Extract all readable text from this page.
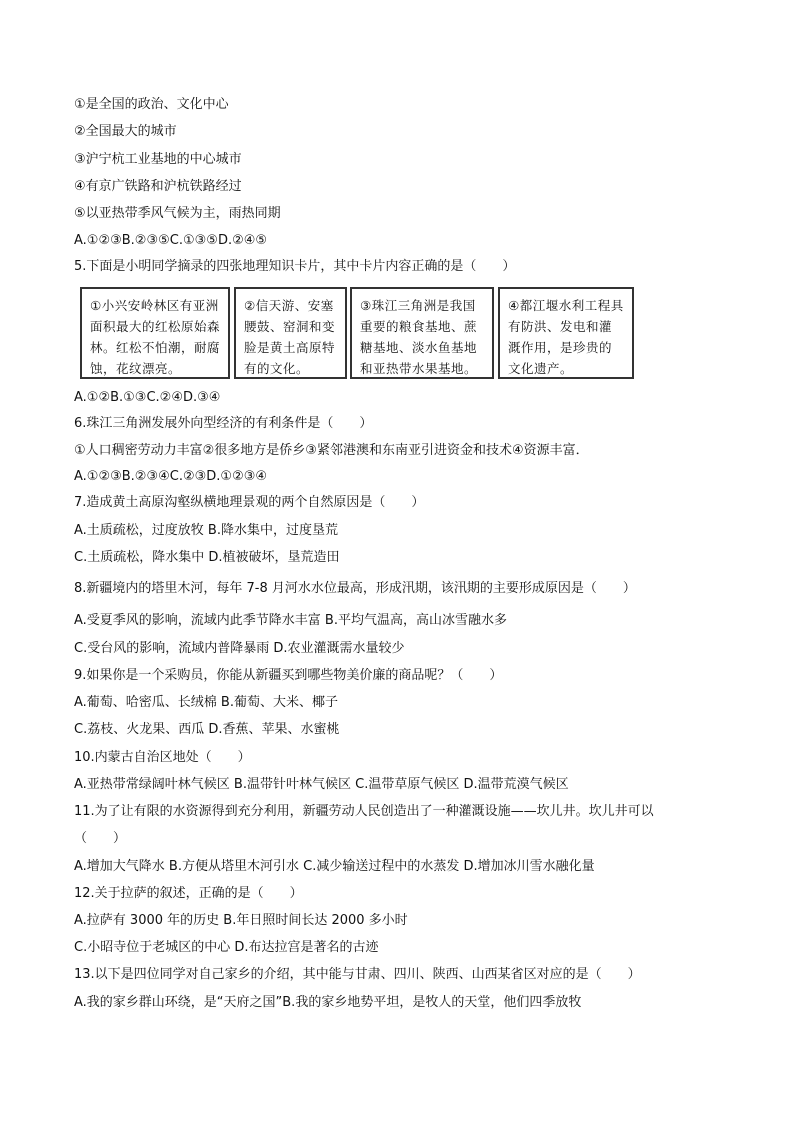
①是全国的政治、文化中心
②全国最大的城市
③沪宁杭工业基地的中心城市
④有京广铁路和沪杭铁路经过
⑤以亚热带季风气候为主，雨热同期
A.①②③B.②③⑤C.①③⑤D.②④⑤
5.下面是小明同学摘录的四张地理知识卡片，其中卡片内容正确的是（　　）
①小兴安岭林区有亚洲面积最大的红松原始森林。红松不怕潮，耐腐蚀，花纹漂亮。
②信天游、安塞腰鼓、窑洞和变脸是黄土高原特有的文化。
③珠江三角洲是我国重要的粮食基地、蔗糖基地、淡水鱼基地和亚热带水果基地。
④都江堰水利工程具有防洪、发电和灌溉作用，是珍贵的文化遗产。
A.①②B.①③C.②④D.③④
6.珠江三角洲发展外向型经济的有利条件是（　　）
①人口稠密劳动力丰富②很多地方是侨乡③紧邻港澳和东南亚引进资金和技术④资源丰富．
A.①②③B.②③④C.②③D.①②③④
7.造成黄土高原沟壑纵横地理景观的两个自然原因是（　　）
A.土质疏松，过度放牧 B.降水集中，过度垦荒
C.土质疏松，降水集中 D.植被破坏，垦荒造田
8.新疆境内的塔里木河，每年 7-8 月河水水位最高，形成汛期，该汛期的主要形成原因是（　　）
A.受夏季风的影响，流域内此季节降水丰富 B.平均气温高，高山冰雪融水多
C.受台风的影响，流域内普降暴雨 D.农业灌溉需水量较少
9.如果你是一个采购员，你能从新疆买到哪些物美价廉的商品呢？（　　）
A.葡萄、哈密瓜、长绒棉 B.葡萄、大米、椰子
C.荔枝、火龙果、西瓜 D.香蕉、苹果、水蜜桃
10.内蒙古自治区地处（　　）
A.亚热带常绿阔叶林气候区 B.温带针叶林气候区 C.温带草原气候区 D.温带荒漠气候区
11.为了让有限的水资源得到充分利用，新疆劳动人民创造出了一种灌溉设施——坎儿井。坎儿井可以
（　　）
A.增加大气降水 B.方便从塔里木河引水 C.减少输送过程中的水蒸发 D.增加冰川雪水融化量
12.关于拉萨的叙述，正确的是（　　）
A.拉萨有 3000 年的历史 B.年日照时间长达 2000 多小时
C.小昭寺位于老城区的中心 D.布达拉宫是著名的古迹
13.以下是四位同学对自己家乡的介绍，其中能与甘肃、四川、陕西、山西某省区对应的是（　　）
A.我的家乡群山环绕，是“天府之国”B.我的家乡地势平坦，是牧人的天堂，他们四季放牧
